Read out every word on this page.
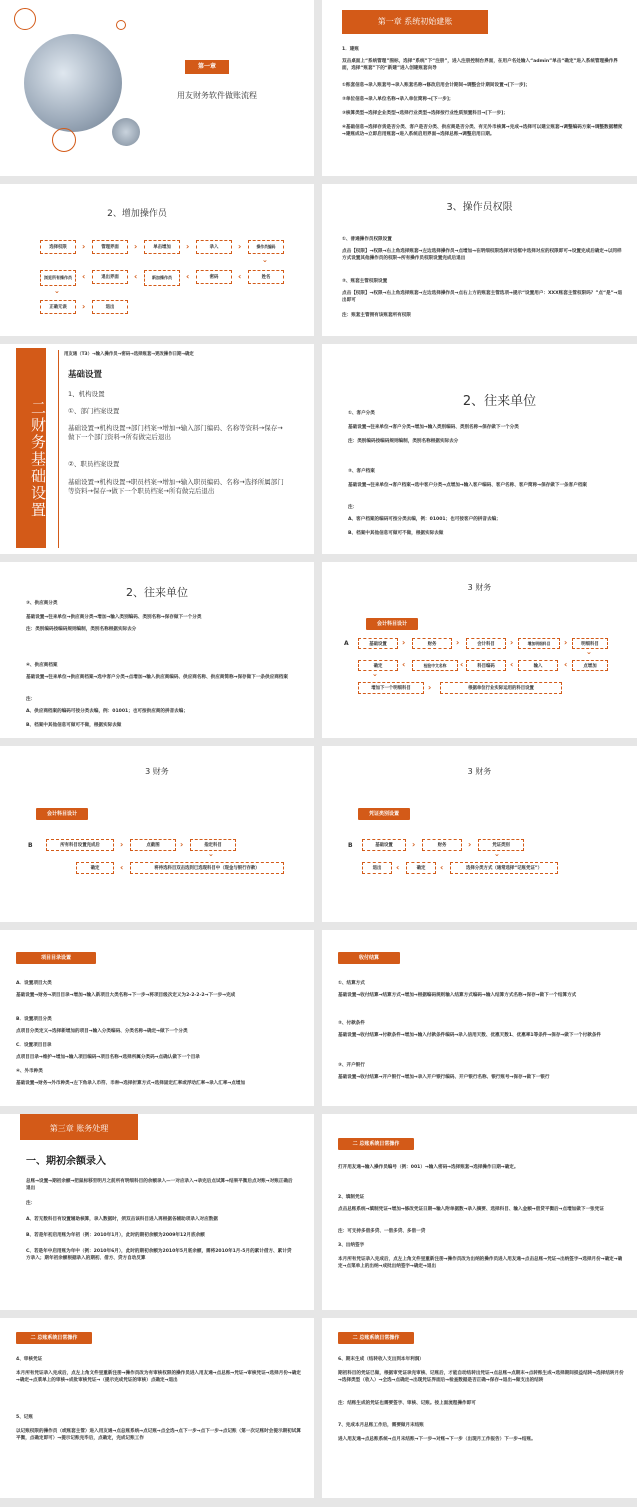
第一章
用友财务软件做账流程
第一章 系统初始建账
1．建账
双击桌面上“系统管理”图标，选择“系统”下“注册”，进入注册控制台界面，在用户名处输入“admin”单击“确定”进入系统管理操作界面，选择“账套”下的“新建”进入创建账套向导
①账套信息→录入账套号→录入账套名称→修改启用会计期间→调整会计期间设置→[下一步]；
②单位信息→录入单位名称→录入单位简称→[下一步]；
③核算类型→选择企业类型→选择行业类型→选择按行业性质预置科目→[下一步]；
④基础信息→选择存货是否分类、客户是否分类、供应商是否分类、有无外币核算→完成→选择可以建立账套→调整编码方案→调整数据精度→建账成功→立即启用账套→进入系统启用界面→选择总账→调整启用日期。
2、增加操作员
选择权限	›	管理界面	›	单击增加	›	录入	›	操作员编码
⌄
浏览所有操作员	‹	退出界面	‹	新加操作员	‹	密码	‹	姓名
⌄
正确无误	›	退出
3、操作员权限
①、普通操作员权限设置
点击【权限】→权限→右上角选择账套→左边选择操作员→点增加→在明细权限选择对话框中选择对应的权限即可→设置完成后确定→以同样方式设置其他操作员的权限→所有操作员权限设置完成后退出
②、账套主管权限设置
点击【权限】→权限→右上角选择账套→左边选择操作员→点右上方的账套主管选项→提示“设置用户：XXX账套主管权限吗？”点“是”→退出即可
注：账套主管拥有该账套所有权限
二财务基础设置
用友通（T3）→输入操作员→密码→选择账套→更改操作日期→确定
基础设置
1、机构设置
①、部门档案设置
基础设置→机构设置→部门档案→增加→输入部门编码、名称等资料→保存→做下一个部门资料→所有做完后退出
②、职员档案设置
基础设置→机构设置→职员档案→增加→输入职员编码、名称→选择所属部门等资料→保存→做下一个职员档案→所有做完后退出
2、往来单位
①、客户分类
基础设置→往来单位→客户分类→增加→输入类别编码、类别名称→保存做下一个分类
注：类别编码按编码规则编制，类别名称根据实际去分
②、客户档案
基础设置→往来单位→客户档案→选中客户分类→点增加→输入客户编码、客户名称、客户简称→保存做下一条客户档案
注：
A、客户档案的编码可按分类去编，例：01001；也可按客户的拼音去编；
B、档案中其他信息可做可不做，根据实际去做
2、往来单位
③、供应商分类
基础设置→往来单位→供应商分类→增加→输入类别编码、类别名称→保存做下一个分类
注：类别编码按编码规则编制，类别名称根据实际去分
④、供应商档案
基础设置→往来单位→供应商档案→选中客户分类→点增加→输入供应商编码、供应商名称、供应商简称→保存做下一条供应商档案
注：
A、供应商档案的编码可按分类去编，例：01001；也可按供应商的拼音去编；
B、档案中其他信息可做可不做，根据实际去做
3 财务
会计科目设计
A	基础设置	›	财务	›	会计科目	›	增加明细科目	›	明细科目
⌄
确定	‹	检验中文名称	‹	科目编码	‹	输入	‹	点增加
⌄
增加下一个明细科目	›	根据单位行业实际运用的科目设置
3 财务
会计科目设计
B	所有科目设置完成后	›	点截图	›	指定科目
⌄
确定	‹	将待选科目双击选到已选现科目中（现金与银行存款）
3 财务
凭证类别设置
B	基础设置	›	财务	›	凭证类别
⌄
退出	‹	确定	‹	选择分类方式（通常选择“记账凭证”）
项目目录设置
A．设置项目大类
基础设置→财务→项目目录→增加→输入新项目大类名称→下一步→将项目级次定义为2-2-2-2→下一步→完成
B．设置项目分类
点项目分类定义→选择新增加的项目→输入分类编码、分类名称→确定→做下一个分类
C．设置项目目录
点项目目录→维护→增加→输入项目编码→项目名称→选择所属分类码→点确认做下一个目录
④、外币种类
基础设置→财务→外币种类→左下角录入币符、币种→选择折算方式→选择固定汇率或浮动汇率→录入汇率→点增加
收付结算
①、结算方式
基础设置→收付结算→结算方式→增加→根据编码规则输入结算方式编码→输入结算方式名称→保存→做下一个结算方式
②、付款条件
基础设置→收付结算→付款条件→增加→输入付款条件编码→录入信用天数、优惠天数1、优惠率1等条件→保存→做下一个付款条件
③、开户银行
基础设置→收付结算→开户银行→增加→录入开户银行编码、开户银行名称、银行账号→保存→做下一银行
第三章 账务处理
一、期初余额录入
总账→设置→期初余额→把鼠标移至明月之前所有明细科目的余额录入—一对应录入→录完后点试算→结果平衡后点对账→对账正确后退出
注：
A、若无数科目有设置辅助核算，录入数据时，须双击该科目进入再根据各辅助项录入对应数据
B、若是年初启用账为年初（例：2010年1月），此时的期初余额为2009年12月底余额
C、若是年中启用账为年中（例：2010年6月），此时的期初余额为2010年5月底余额，需将2010年1月-5月的累计借方、累计贷方录入；期年初余额根据录入的期初、借方、贷方自动反算
二 总账系统日常操作
打开用友通→输入操作员编号（例：001）→输入密码→选择账套→选择操作日期→确定。
2、填制凭证
点击总账系统→填制凭证→增加→修改凭证日期→输入附单据数→录入摘要、选择科目、输入金额→借贷平衡后→点增加做下一张凭证
注：可支持多借多贷、一借多贷、多借一贷
3、出纳签字
本月所有凭证录入完成后，点左上角文件里重新注册→操作员改为出纳的操作员进入用友通→点击总账→凭证→出纳签字→选择月份→确定→确定→点菜单上的出纳→成批出纳签字→确定→退出
二 总账系统日常操作
4、审核凭证
本月所有凭证录入完成后，点左上角文件里重新注册→操作员改为有审核权限的操作员进入用友通→点总账→凭证→审核凭证→选择月份→确定→确定→点菜单上的审核→成批审核凭证→（提示完成凭证的审核）点确定→退出
5、记账
以记账权限的操作员（或账套主管）进入用友通→点总账系统→点记账→点全选→点下一步→点下一步→点记账（第一次记账时会提示期初试算平衡，点确定即可）→提示记账完毕后，点确定，完成记账工作
二 总账系统日常操作
6、期末生成（结转收入支出到本年利润）
期初科目的凭证已做，根据审凭证录完审核、记账后，才能自动结转出凭证→点总账→点期末→点转账生成→选择期间损益结转→选择结转月份→选择类型（收入）→全选→点确定→出现凭证界面后→检查数据是否正确→保存→退出→做支出的结转
注：结账生成的凭证也需要签字、审核、记账。按上面流程操作即可
7、完成本月总账工作后，需要做月末结账
进入用友通→点总账系统→点月末结账→下一步→对账→下一步（出现月工作报告）下一步→结账。
